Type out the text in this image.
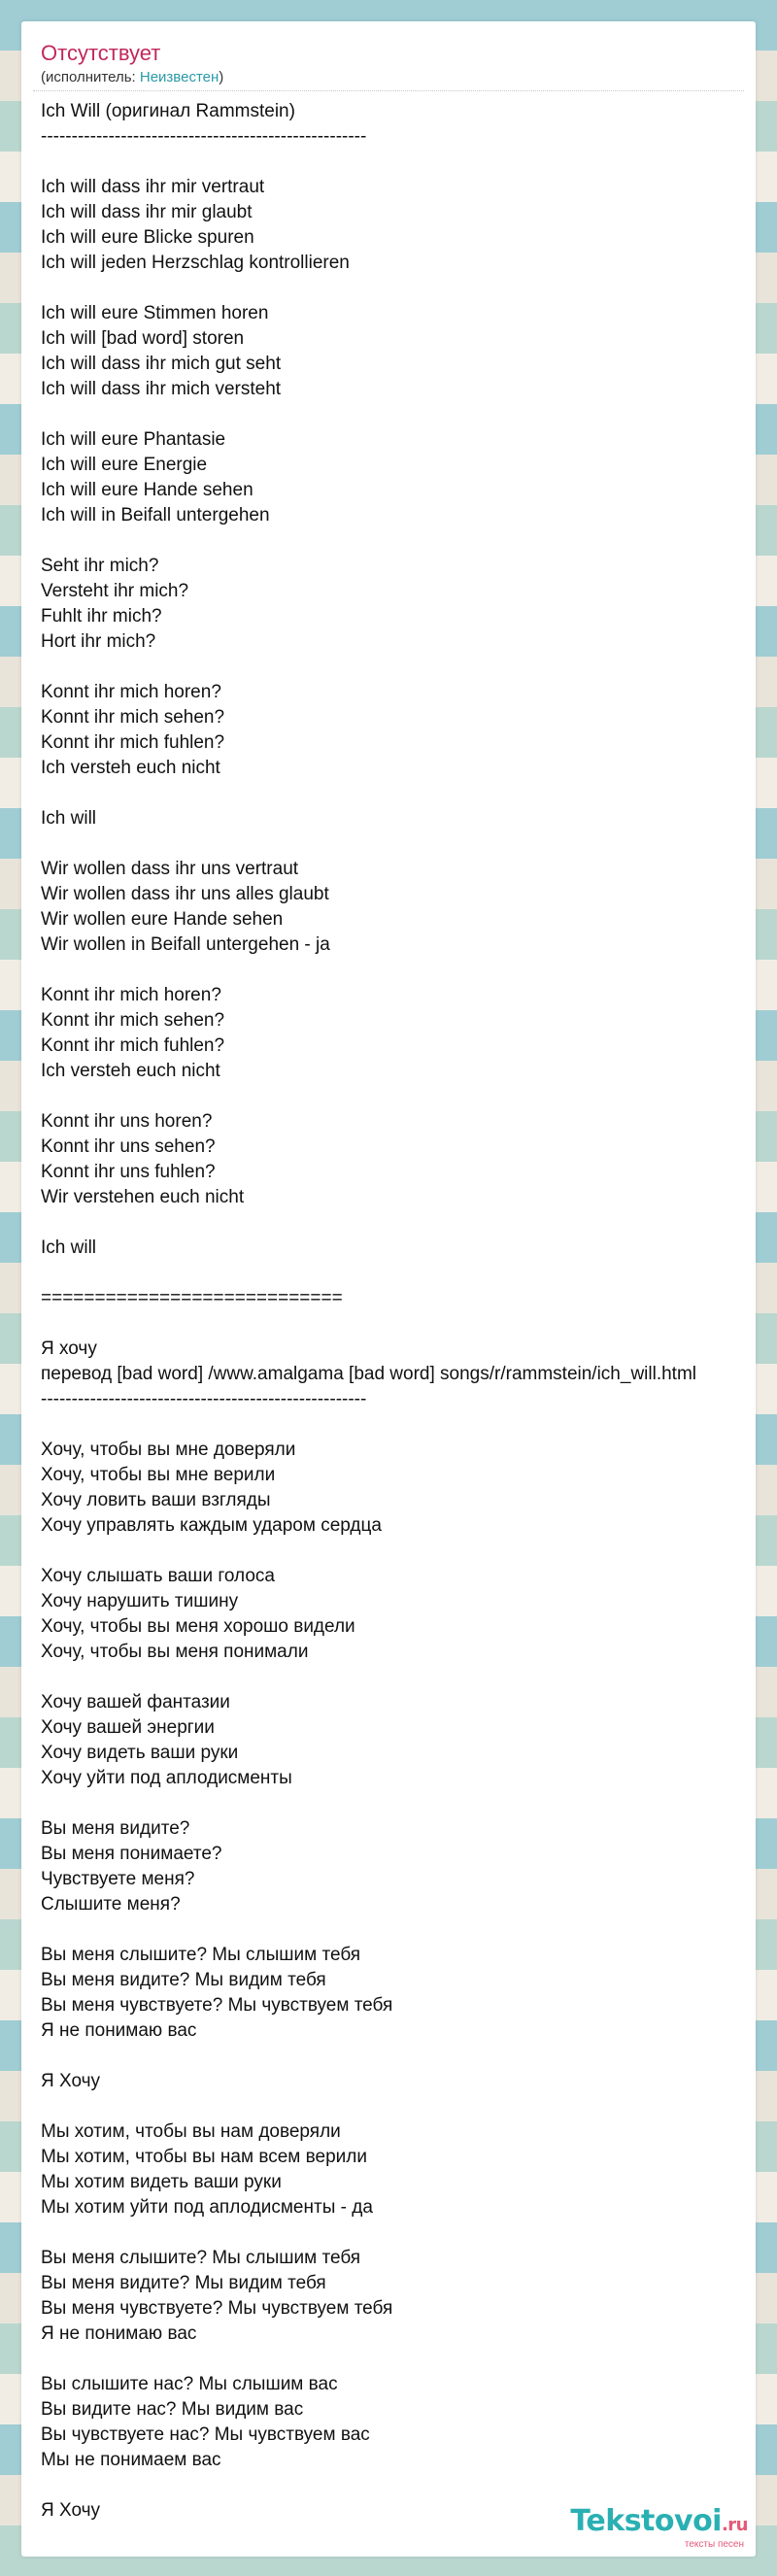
Отсутствует
(исполнитель: Неизвестен)
Ich Will (оригинал Rammstein)
-----------------------------------------------------

Ich will dass ihr mir vertraut
Ich will dass ihr mir glaubt
Ich will eure Blicke spuren
Ich will jeden Herzschlag kontrollieren

Ich will eure Stimmen horen
Ich will [bad word] storen
Ich will dass ihr mich gut seht
Ich will dass ihr mich versteht

Ich will eure Phantasie
Ich will eure Energie
Ich will eure Hande sehen
Ich will in Beifall untergehen

Seht ihr mich?
Versteht ihr mich?
Fuhlt ihr mich?
Hort ihr mich?

Konnt ihr mich horen?
Konnt ihr mich sehen?
Konnt ihr mich fuhlen?
Ich versteh euch nicht

Ich will

Wir wollen dass ihr uns vertraut
Wir wollen dass ihr uns alles glaubt
Wir wollen eure Hande sehen
Wir wollen in Beifall untergehen - ja

Konnt ihr mich horen?
Konnt ihr mich sehen?
Konnt ihr mich fuhlen?
Ich versteh euch nicht

Konnt ihr uns horen?
Konnt ihr uns sehen?
Konnt ihr uns fuhlen?
Wir verstehen euch nicht

Ich will

============================

Я хочу
перевод [bad word] /www.amalgama [bad word] songs/r/rammstein/ich_will.html
-----------------------------------------------------

Хочу, чтобы вы мне доверяли
Хочу, чтобы вы мне верили
Хочу ловить ваши взгляды
Хочу управлять каждым ударом сердца

Хочу слышать ваши голоса
Хочу нарушить тишину
Хочу, чтобы вы меня хорошо видели
Хочу, чтобы вы меня понимали

Хочу вашей фантазии
Хочу вашей энергии
Хочу видеть ваши руки
Хочу уйти под аплодисменты

Вы меня видите?
Вы меня понимаете?
Чувствуете меня?
Слышите меня?

Вы меня слышите? Мы слышим тебя
Вы меня видите? Мы видим тебя
Вы меня чувствуете? Мы чувствуем тебя
Я не понимаю вас

Я Хочу

Мы хотим, чтобы вы нам доверяли
Мы хотим, чтобы вы нам всем верили
Мы хотим видеть ваши руки
Мы хотим уйти под аплодисменты - да

Вы меня слышите? Мы слышим тебя
Вы меня видите? Мы видим тебя
Вы меня чувствуете? Мы чувствуем тебя
Я не понимаю вас

Вы слышите нас? Мы слышим вас
Вы видите нас? Мы видим вас
Вы чувствуете нас? Мы чувствуем вас
Мы не понимаем вас

Я Хочу	Tekstovoi.ru
тексты песен
